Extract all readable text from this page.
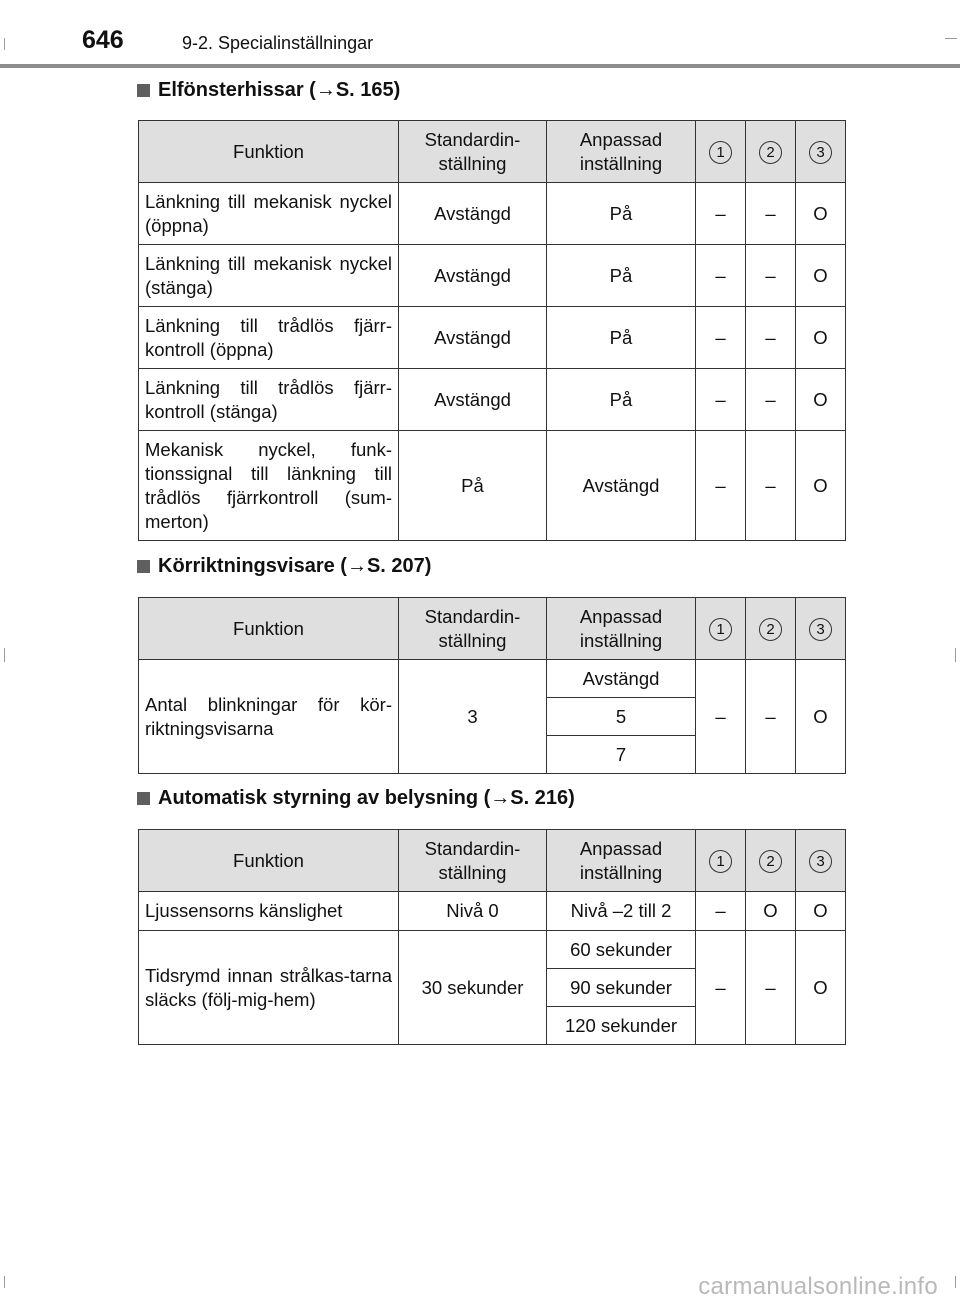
646	9-2. Specialinställningar
Elfönsterhissar ( → S. 165)
Funktion	Standardin-ställning	Anpassad inställning	1	2	3
Länkning till mekanisk nyckel (öppna)	Avstängd	På	–	–	O
Länkning till mekanisk nyckel (stänga)	Avstängd	På	–	–	O
Länkning till trådlös fjärr-kontroll (öppna)	Avstängd	På	–	–	O
Länkning till trådlös fjärr-kontroll (stänga)	Avstängd	På	–	–	O
Mekanisk nyckel, funk-tionssignal till länkning till trådlös fjärrkontroll (sum-merton)	På	Avstängd	–	–	O
Körriktningsvisare ( → S. 207)
Funktion	Standardin-ställning	Anpassad inställning	1	2	3
Antal blinkningar för kör-riktningsvisarna	3	Avstängd	–	–	O
		5			
		7			
Automatisk styrning av belysning ( → S. 216)
Funktion	Standardin-ställning	Anpassad inställning	1	2	3
Ljussensorns känslighet	Nivå 0	Nivå –2 till 2	–	O	O
Tidsrymd innan strålkas-tarna släcks (följ-mig-hem)	30 sekunder	60 sekunder	–	–	O
		90 sekunder			
		120 sekunder			
carmanualsonline.info
